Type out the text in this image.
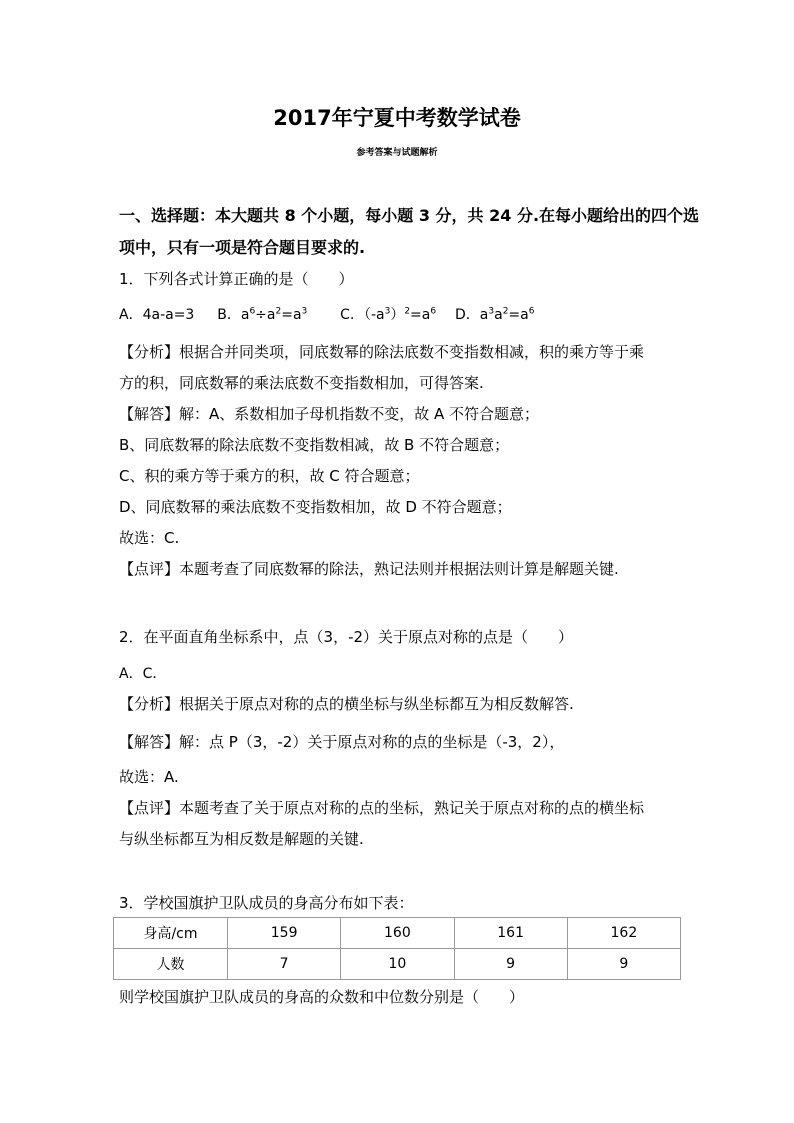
2017年宁夏中考数学试卷
参考答案与试题解析
一、选择题：本大题共 8 个小题，每小题 3 分，共 24 分.在每小题给出的四个选
项中，只有一项是符合题目要求的.
1．下列各式计算正确的是（　　）
A．4a-a=3 B．$a^6\div a^2=a^3$ C．$(-a^3)^2=a^6$ D．$a^3a^2=a^6$
【分析】根据合并同类项，同底数幂的除法底数不变指数相减，积的乘方等于乘
方的积，同底数幂的乘法底数不变指数相加，可得答案.
【解答】解：A、系数相加子母机指数不变，故 A 不符合题意；
B、同底数幂的除法底数不变指数相减，故 B 不符合题意；
C、积的乘方等于乘方的积，故 C 符合题意；
D、同底数幂的乘法底数不变指数相加，故 D 不符合题意；
故选：C.
【点评】本题考查了同底数幂的除法，熟记法则并根据法则计算是解题关键.
2．在平面直角坐标系中，点（3，-2）关于原点对称的点是（　　）
A．C．
【分析】根据关于原点对称的点的横坐标与纵坐标都互为相反数解答.
【解答】解：点 P（3，-2）关于原点对称的点的坐标是（-3，2），
故选：A.
【点评】本题考查了关于原点对称的点的坐标，熟记关于原点对称的点的横坐标
与纵坐标都互为相反数是解题的关键.
3．学校国旗护卫队成员的身高分布如下表：
身高/cm	159	160	161	162
人数	7	10	9	9
则学校国旗护卫队成员的身高的众数和中位数分别是（　　）
